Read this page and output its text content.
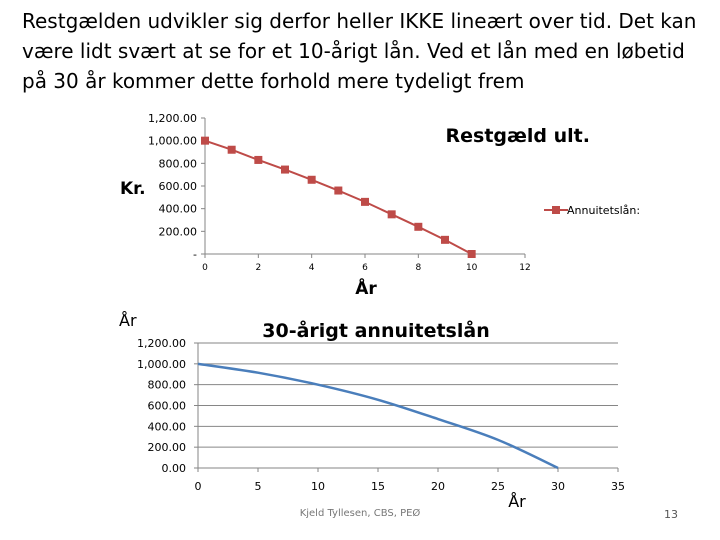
Restgælden udvikler sig derfor heller IKKE lineært over tid. Det kan
være lidt svært at se for et 10-årigt lån. Ved et lån med en løbetid
på 30 år kommer dette forhold mere tydeligt frem
Restgæld ult.
Kr.
År
-
200.00
400.00
600.00
800.00
1,000.00
1,200.00
0	2	4	6	8	10	12
Annuitetslån:
År	30-årigt annuitetslån
År
0.00
200.00
400.00
600.00
800.00
1,000.00
1,200.00
0	5	10	15	20	25	30	35
Kjeld Tyllesen, CBS, PEØ	13
